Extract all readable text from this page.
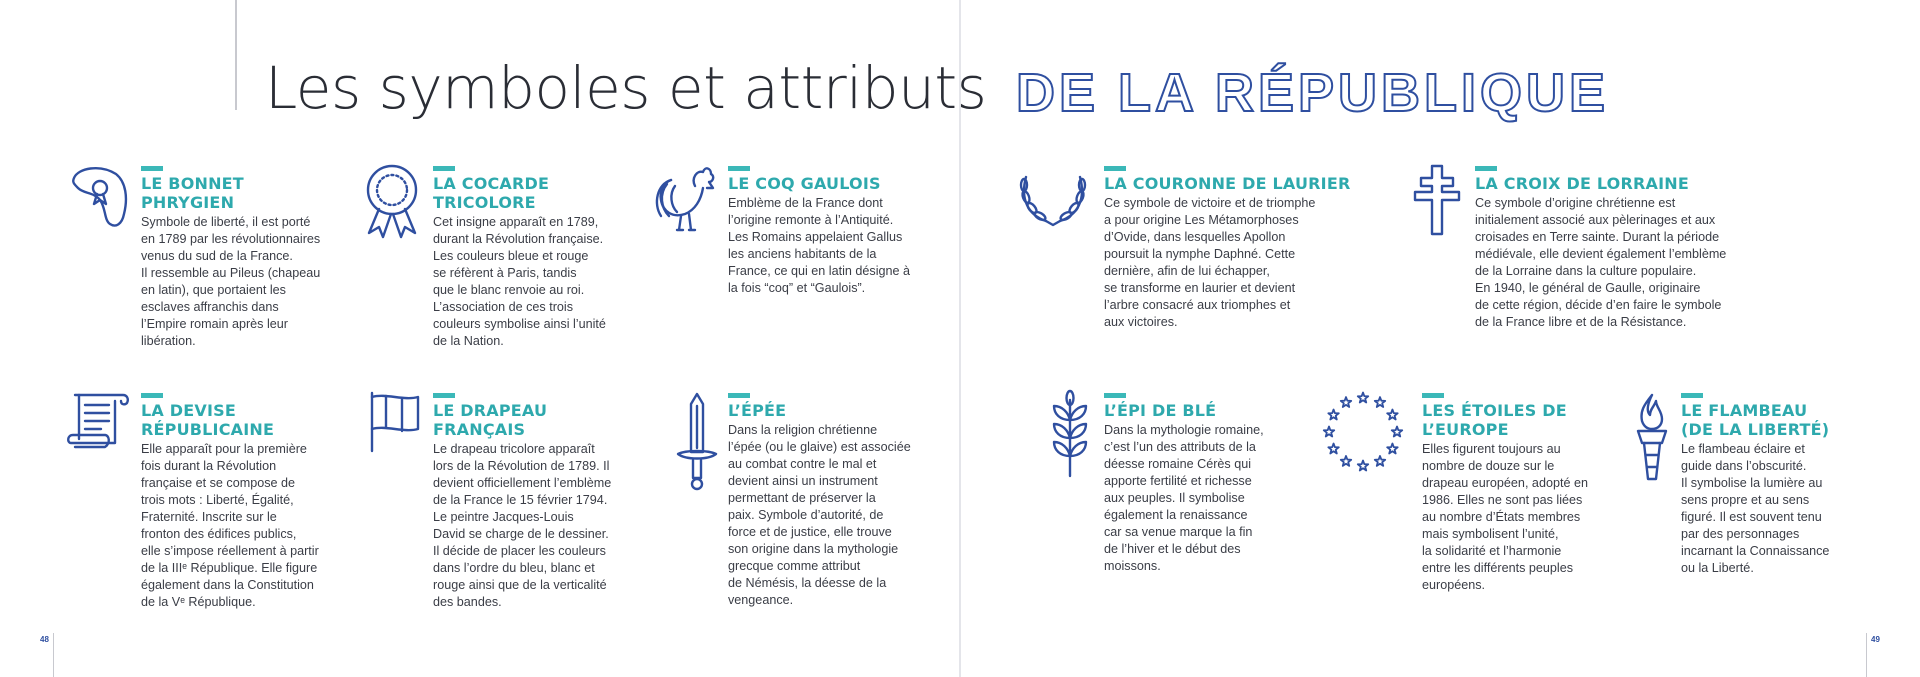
Les symboles et attributs DE LA RÉPUBLIQUE
LE BONNET
PHRYGIEN

Symbole de liberté, il est porté
en 1789 par les révolutionnaires
venus du sud de la France.
Il ressemble au Pileus (chapeau
en latin), que portaient les
esclaves affranchis dans
l’Empire romain après leur
libération.

LA COCARDE
TRICOLORE

Cet insigne apparaît en 1789,
durant la Révolution française.
Les couleurs bleue et rouge
se réfèrent à Paris, tandis
que le blanc renvoie au roi.
L’association de ces trois
couleurs symbolise ainsi l’unité
de la Nation.

LE COQ GAULOIS

Emblème de la France dont
l’origine remonte à l’Antiquité.
Les Romains appelaient Gallus
les anciens habitants de la
France, ce qui en latin désigne à
la fois “coq” et “Gaulois”.

LA COURONNE DE LAURIER

Ce symbole de victoire et de triomphe
a pour origine Les Métamorphoses
d’Ovide, dans lesquelles Apollon
poursuit la nymphe Daphné. Cette
dernière, afin de lui échapper,
se transforme en laurier et devient
l’arbre consacré aux triomphes et
aux victoires.

LA CROIX DE LORRAINE

Ce symbole d’origine chrétienne est
initialement associé aux pèlerinages et aux
croisades en Terre sainte. Durant la période
médiévale, elle devient également l’emblème
de la Lorraine dans la culture populaire.
En 1940, le général de Gaulle, originaire
de cette région, décide d’en faire le symbole
de la France libre et de la Résistance.

LA DEVISE
RÉPUBLICAINE

Elle apparaît pour la première
fois durant la Révolution
française et se compose de
trois mots : Liberté, Égalité,
Fraternité. Inscrite sur le
fronton des édifices publics,
elle s’impose réellement à partir
de la IIIᵉ République. Elle figure
également dans la Constitution
de la Vᵉ République.

LE DRAPEAU
FRANÇAIS

Le drapeau tricolore apparaît
lors de la Révolution de 1789. Il
devient officiellement l’emblème
de la France le 15 février 1794.
Le peintre Jacques-Louis
David se charge de le dessiner.
Il décide de placer les couleurs
dans l’ordre du bleu, blanc et
rouge ainsi que de la verticalité
des bandes.

L’ÉPÉE

Dans la religion chrétienne
l’épée (ou le glaive) est associée
au combat contre le mal et
devient ainsi un instrument
permettant de préserver la
paix. Symbole d’autorité, de
force et de justice, elle trouve
son origine dans la mythologie
grecque comme attribut
de Némésis, la déesse de la
vengeance.

L’ÉPI DE BLÉ

Dans la mythologie romaine,
c’est l’un des attributs de la
déesse romaine Cérès qui
apporte fertilité et richesse
aux peuples. Il symbolise
également la renaissance
car sa venue marque la fin
de l’hiver et le début des
moissons.

LES ÉTOILES DE
L’EUROPE

Elles figurent toujours au
nombre de douze sur le
drapeau européen, adopté en
1986. Elles ne sont pas liées
au nombre d’États membres
mais symbolisent l’unité,
la solidarité et l’harmonie
entre les différents peuples
européens.

LE FLAMBEAU
(DE LA LIBERTÉ)

Le flambeau éclaire et
guide dans l’obscurité.
Il symbolise la lumière au
sens propre et au sens
figuré. Il est souvent tenu
par des personnages
incarnant la Connaissance
ou la Liberté.

48	49
